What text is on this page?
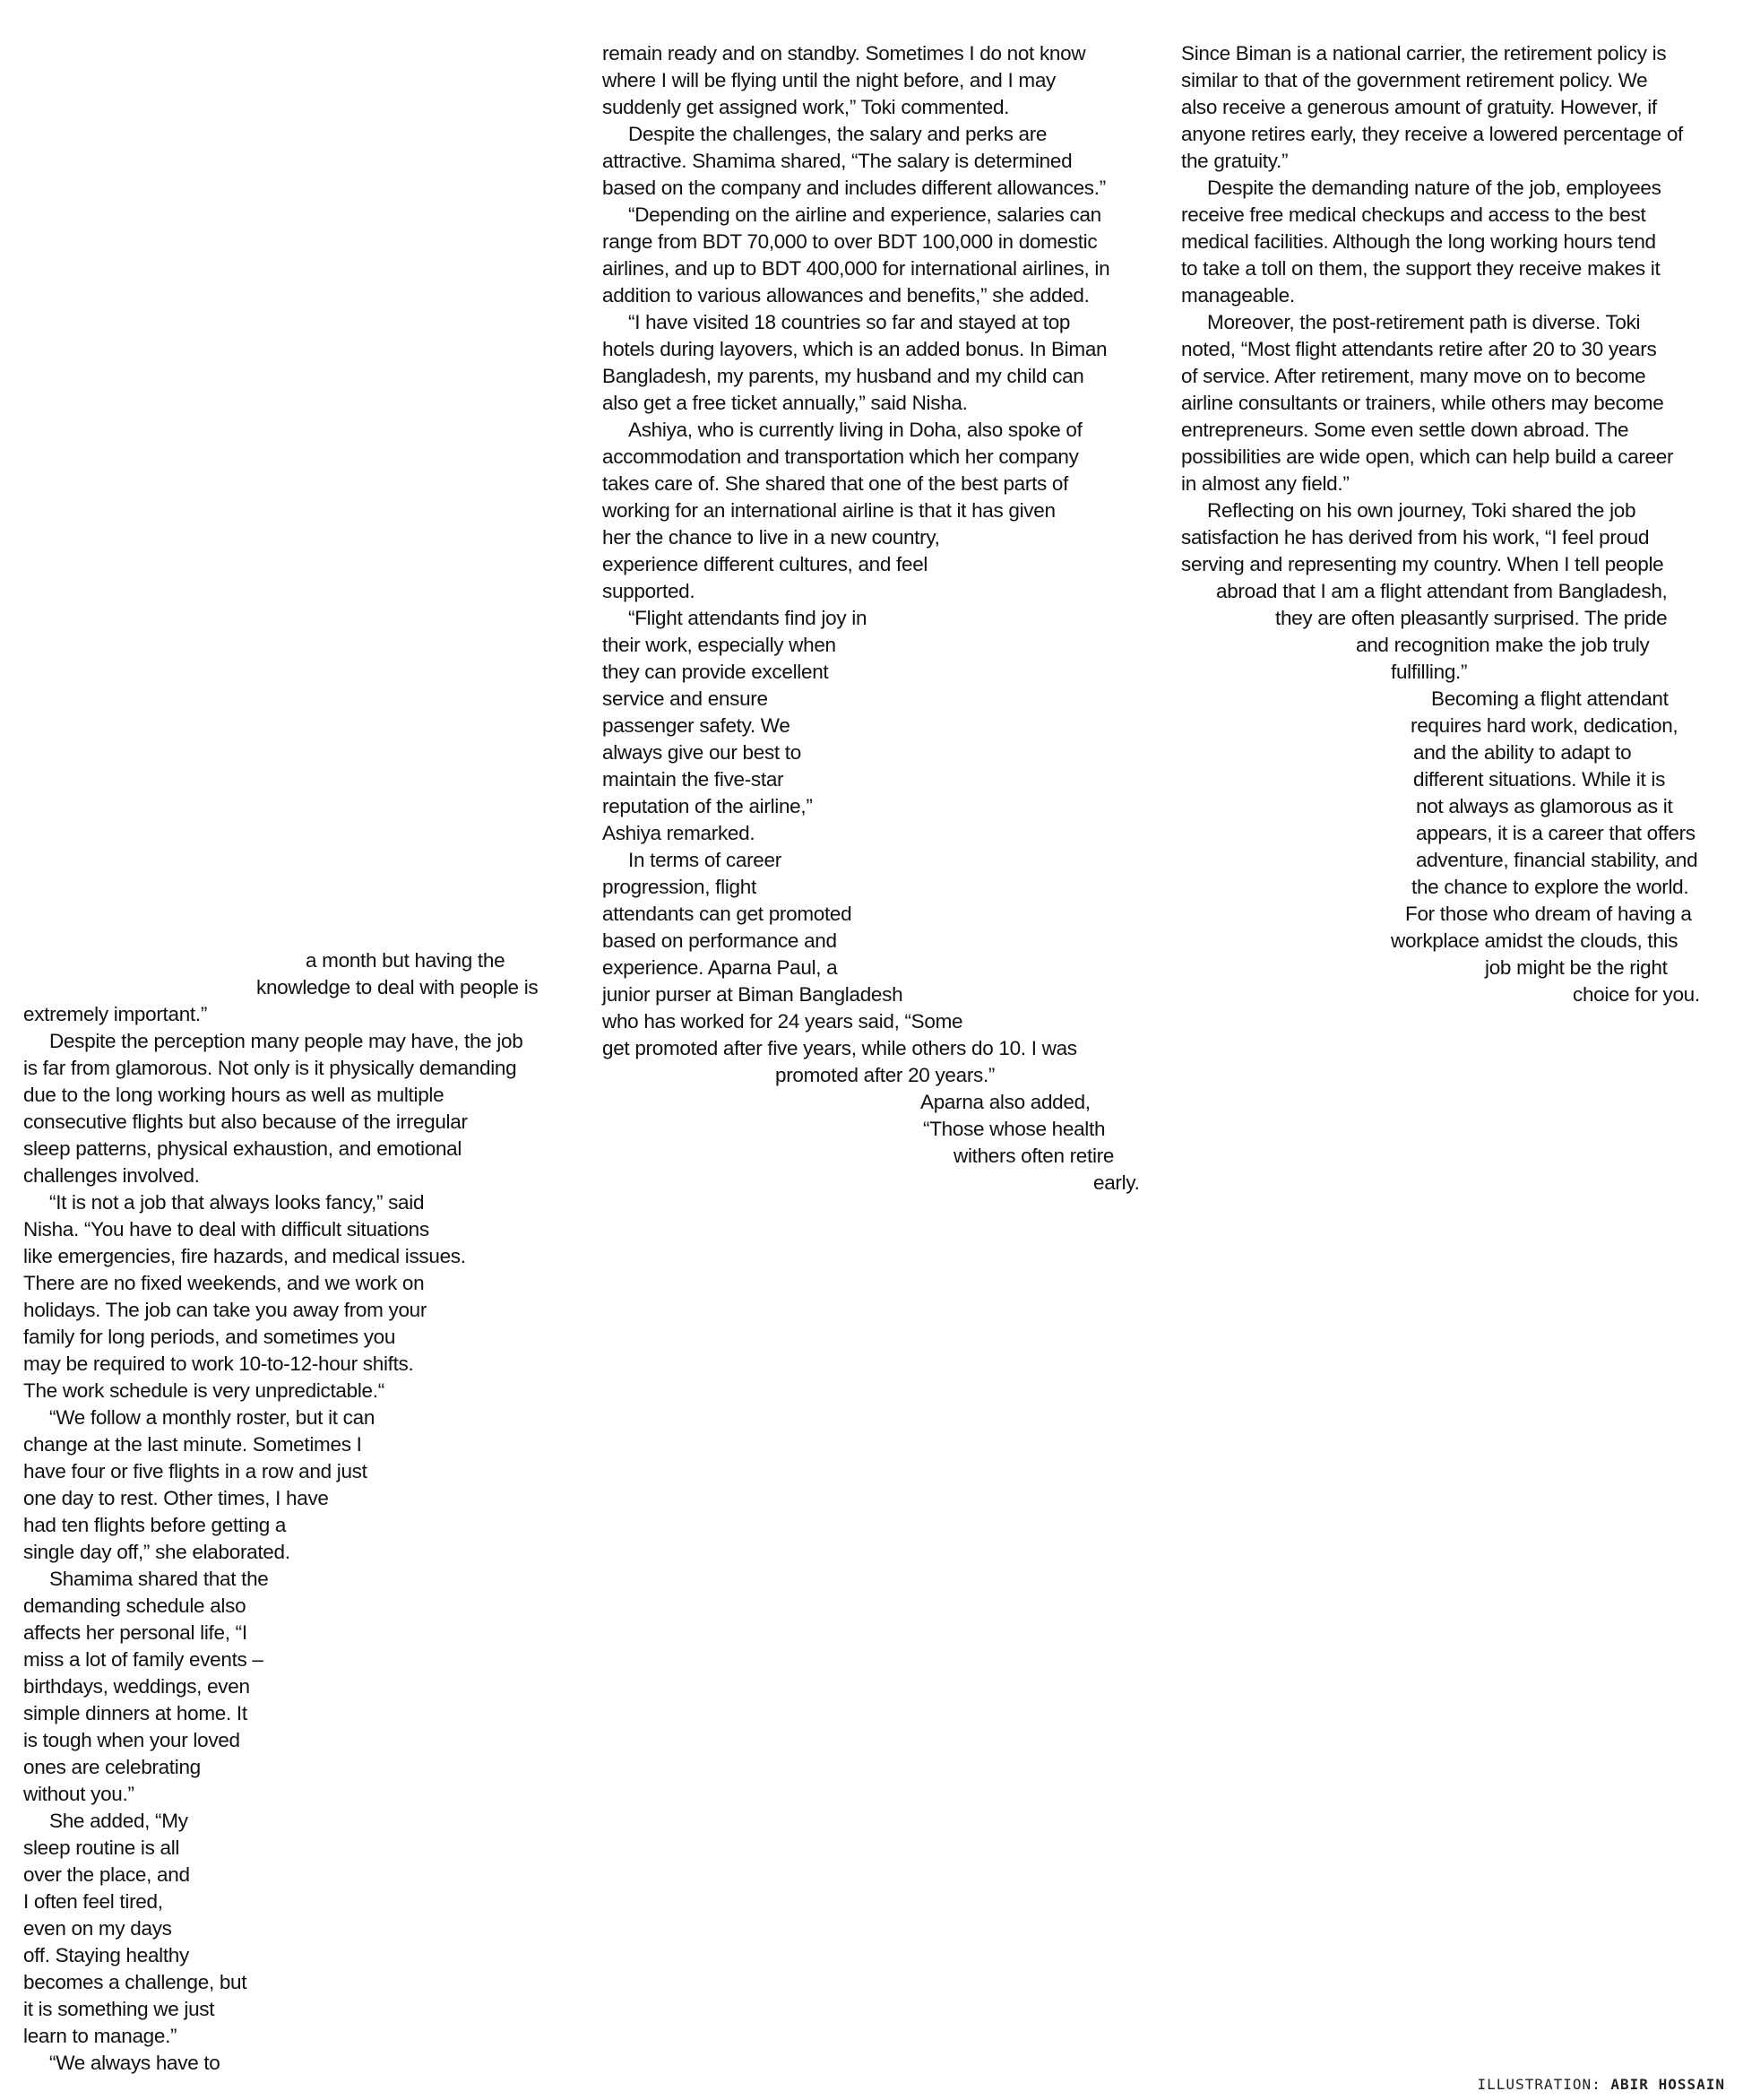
a month but having the
knowledge to deal with people is
extremely important.”
Despite the perception many people may have, the job
is far from glamorous. Not only is it physically demanding
due to the long working hours as well as multiple
consecutive flights but also because of the irregular
sleep patterns, physical exhaustion, and emotional
challenges involved.
“It is not a job that always looks fancy,” said
Nisha. “You have to deal with difficult situations
like emergencies, fire hazards, and medical issues.
There are no fixed weekends, and we work on
holidays. The job can take you away from your
family for long periods, and sometimes you
may be required to work 10-to-12-hour shifts.
The work schedule is very unpredictable.“
“We follow a monthly roster, but it can
change at the last minute. Sometimes I
have four or five flights in a row and just
one day to rest. Other times, I have
had ten flights before getting a
single day off,” she elaborated.
Shamima shared that the
demanding schedule also
affects her personal life, “I
miss a lot of family events –
birthdays, weddings, even
simple dinners at home. It
is tough when your loved
ones are celebrating
without you.”
She added, “My
sleep routine is all
over the place, and
I often feel tired,
even on my days
off. Staying healthy
becomes a challenge, but
it is something we just
learn to manage.”
“We always have to
remain ready and on standby. Sometimes I do not know
where I will be flying until the night before, and I may
suddenly get assigned work,” Toki commented.
Despite the challenges, the salary and perks are
attractive. Shamima shared, “The salary is determined
based on the company and includes different allowances.”
“Depending on the airline and experience, salaries can
range from BDT 70,000 to over BDT 100,000 in domestic
airlines, and up to BDT 400,000 for international airlines, in
addition to various allowances and benefits,” she added.
“I have visited 18 countries so far and stayed at top
hotels during layovers, which is an added bonus. In Biman
Bangladesh, my parents, my husband and my child can
also get a free ticket annually,” said Nisha.
Ashiya, who is currently living in Doha, also spoke of
accommodation and transportation which her company
takes care of. She shared that one of the best parts of
working for an international airline is that it has given
her the chance to live in a new country,
experience different cultures, and feel
supported.
“Flight attendants find joy in
their work, especially when
they can provide excellent
service and ensure
passenger safety. We
always give our best to
maintain the five-star
reputation of the airline,”
Ashiya remarked.
In terms of career
progression, flight
attendants can get promoted
based on performance and
experience. Aparna Paul, a
junior purser at Biman Bangladesh
who has worked for 24 years said, “Some
get promoted after five years, while others do 10. I was
promoted after 20 years.”
Aparna also added,
“Those whose health
withers often retire
early.
Since Biman is a national carrier, the retirement policy is
similar to that of the government retirement policy. We
also receive a generous amount of gratuity. However, if
anyone retires early, they receive a lowered percentage of
the gratuity.”
Despite the demanding nature of the job, employees
receive free medical checkups and access to the best
medical facilities. Although the long working hours tend
to take a toll on them, the support they receive makes it
manageable.
Moreover, the post-retirement path is diverse. Toki
noted, “Most flight attendants retire after 20 to 30 years
of service. After retirement, many move on to become
airline consultants or trainers, while others may become
entrepreneurs. Some even settle down abroad. The
possibilities are wide open, which can help build a career
in almost any field.”
Reflecting on his own journey, Toki shared the job
satisfaction he has derived from his work, “I feel proud
serving and representing my country. When I tell people
abroad that I am a flight attendant from Bangladesh,
they are often pleasantly surprised. The pride
and recognition make the job truly
fulfilling.”
Becoming a flight attendant
requires hard work, dedication,
and the ability to adapt to
different situations. While it is
not always as glamorous as it
appears, it is a career that offers
adventure, financial stability, and
the chance to explore the world.
For those who dream of having a
workplace amidst the clouds, this
job might be the right
choice for you.
ILLUSTRATION: ABIR HOSSAIN
